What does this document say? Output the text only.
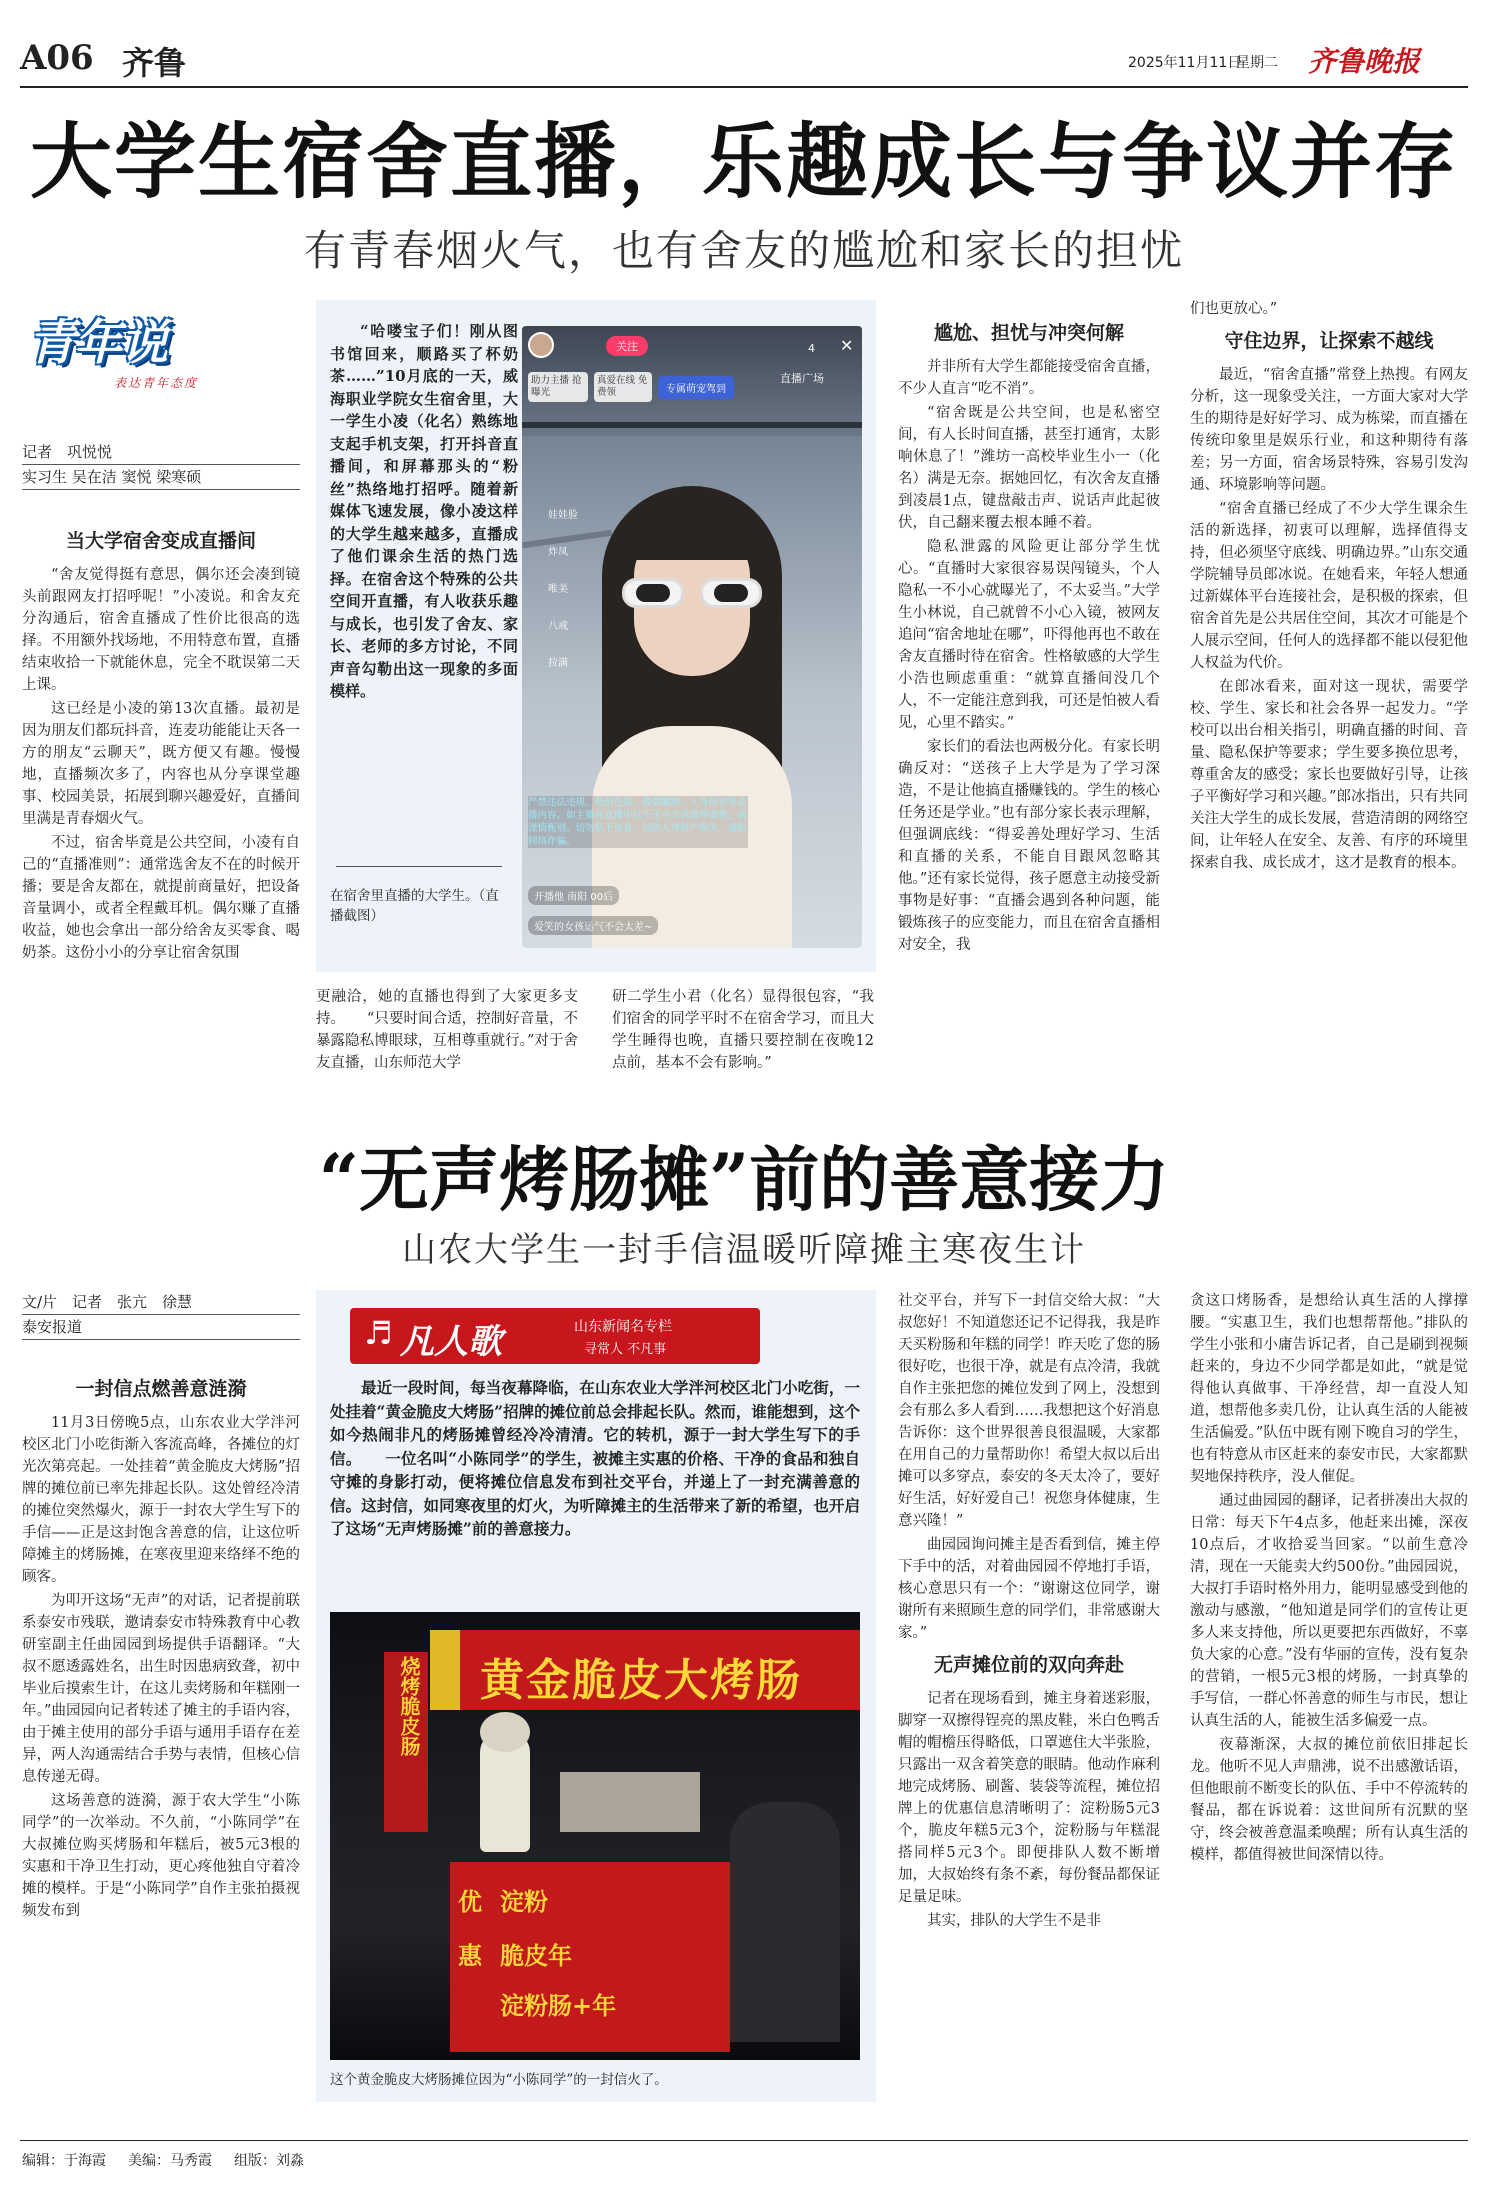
A06 齐鲁	2025年11月11日
星期二 齐鲁晚报
大学生宿舍直播，乐趣成长与争议并存
有青春烟火气，也有舍友的尴尬和家长的担忧
青年说
表达青年态度
记者　巩悦悦
实习生 吴在洁 窦悦 梁寒硕
当大学宿舍变成直播间

“舍友觉得挺有意思，偶尔还会凑到镜头前跟网友打招呼呢！”小凌说。和舍友充分沟通后，宿舍直播成了性价比很高的选择。不用额外找场地，不用特意布置，直播结束收拾一下就能休息，完全不耽误第二天上课。

这已经是小凌的第13次直播。最初是因为朋友们都玩抖音，连麦功能能让天各一方的朋友“云聊天”，既方便又有趣。慢慢地，直播频次多了，内容也从分享课堂趣事、校园美景，拓展到聊兴趣爱好，直播间里满是青春烟火气。

不过，宿舍毕竟是公共空间，小凌有自己的“直播准则”：通常选舍友不在的时候开播；要是舍友都在，就提前商量好，把设备音量调小，或者全程戴耳机。偶尔赚了直播收益，她也会拿出一部分给舍友买零食、喝奶茶。这份小小的分享让宿舍氛围

“哈喽宝子们！刚从图书馆回来，顺路买了杯奶茶……”10月底的一天，威海职业学院女生宿舍里，大一学生小凌（化名）熟练地支起手机支架，打开抖音直播间，和屏幕那头的“粉丝”热络地打招呼。随着新媒体飞速发展，像小凌这样的大学生越来越多，直播成了他们课余生活的热门选择。在宿舍这个特殊的公共空间开直播，有人收获乐趣与成长，也引发了舍友、家长、老师的多方讨论，不同声音勾勒出这一现象的多面模样。

在宿舍里直播的大学生。（直播截图）
关注	4 ✕
直播广场
助力主播 抢曝光
真爱在线 免费领	专属萌宠驾到
娃娃脸
炸凤
唯美
八戒
拉满
严禁违法违规、低俗色情、吸烟酗酒、人身伤害等直播内容。如主播在直播中以不正当方式诱导消费，请谨慎甄别。切勿私下交易，以防人身财产损失，谨防网络诈骗。
开播他 南阳 00后
爱笑的女孩运气不会太差~

更融洽，她的直播也得到了大家更多支持。　　“只要时间合适，控制好音量，不暴露隐私博眼球，互相尊重就行。”对于舍友直播，山东师范大学

研二学生小君（化名）显得很包容，“我们宿舍的同学平时不在宿舍学习，而且大学生睡得也晚，直播只要控制在夜晚12点前，基本不会有影响。”

尴尬、担忧与冲突何解

并非所有大学生都能接受宿舍直播，不少人直言“吃不消”。

“宿舍既是公共空间，也是私密空间，有人长时间直播，甚至打通宵，太影响休息了！”潍坊一高校毕业生小一（化名）满是无奈。据她回忆，有次舍友直播到凌晨1点，键盘敲击声、说话声此起彼伏，自己翻来覆去根本睡不着。

隐私泄露的风险更让部分学生忧心。“直播时大家很容易误闯镜头，个人隐私一不小心就曝光了，不太妥当。”大学生小林说，自己就曾不小心入镜，被网友追问“宿舍地址在哪”，吓得他再也不敢在舍友直播时待在宿舍。性格敏感的大学生小浩也顾虑重重：“就算直播间没几个人，不一定能注意到我，可还是怕被人看见，心里不踏实。”

家长们的看法也两极分化。有家长明确反对：“送孩子上大学是为了学习深造，不是让他搞直播赚钱的。学生的核心任务还是学业。”也有部分家长表示理解，但强调底线：“得妥善处理好学习、生活和直播的关系，不能自目跟风忽略其他。”还有家长觉得，孩子愿意主动接受新事物是好事：“直播会遇到各种问题，能锻炼孩子的应变能力，而且在宿舍直播相对安全，我

们也更放心。”

守住边界，让探索不越线

最近，“宿舍直播”常登上热搜。有网友分析，这一现象受关注，一方面大家对大学生的期待是好好学习、成为栋梁，而直播在传统印象里是娱乐行业，和这种期待有落差；另一方面，宿舍场景特殊，容易引发沟通、环境影响等问题。

“宿舍直播已经成了不少大学生课余生活的新选择，初衷可以理解，选择值得支持，但必须坚守底线、明确边界。”山东交通学院辅导员郎冰说。在她看来，年轻人想通过新媒体平台连接社会，是积极的探索，但宿舍首先是公共居住空间，其次才可能是个人展示空间，任何人的选择都不能以侵犯他人权益为代价。

在郎冰看来，面对这一现状，需要学校、学生、家长和社会各界一起发力。“学校可以出台相关指引，明确直播的时间、音量、隐私保护等要求；学生要多换位思考，尊重舍友的感受；家长也要做好引导，让孩子平衡好学习和兴趣。”郎冰指出，只有共同关注大学生的成长发展，营造清朗的网络空间，让年轻人在安全、友善、有序的环境里探索自我、成长成才，这才是教育的根本。

“无声烤肠摊”前的善意接力
山农大学生一封手信温暖听障摊主寒夜生计
文/片　记者　张亢　徐慧
泰安报道
一封信点燃善意涟漪

11月3日傍晚5点，山东农业大学泮河校区北门小吃街渐入客流高峰，各摊位的灯光次第亮起。一处挂着“黄金脆皮大烤肠”招牌的摊位前已率先排起长队。这处曾经冷清的摊位突然爆火，源于一封农大学生写下的手信——正是这封饱含善意的信，让这位听障摊主的烤肠摊，在寒夜里迎来络绎不绝的顾客。

为叩开这场“无声”的对话，记者提前联系泰安市残联，邀请泰安市特殊教育中心教研室副主任曲园园到场提供手语翻译。“大叔不愿透露姓名，出生时因患病致聋，初中毕业后摸索生计，在这儿卖烤肠和年糕刚一年。”曲园园向记者转述了摊主的手语内容，由于摊主使用的部分手语与通用手语存在差异，两人沟通需结合手势与表情，但核心信息传递无碍。

这场善意的涟漪，源于农大学生“小陈同学”的一次举动。不久前，“小陈同学”在大叔摊位购买烤肠和年糕后，被5元3根的实惠和干净卫生打动，更心疼他独自守着冷摊的模样。于是“小陈同学”自作主张拍摄视频发布到

♬ 凡人歌	山东新闻名专栏
寻常人 不凡事

最近一段时间，每当夜幕降临，在山东农业大学泮河校区北门小吃街，一处挂着“黄金脆皮大烤肠”招牌的摊位前总会排起长队。然而，谁能想到，这个如今热闹非凡的烤肠摊曾经冷冷清清。它的转机，源于一封大学生写下的手信。　　一位名叫“小陈同学”的学生，被摊主实惠的价格、干净的食品和独自守摊的身影打动，便将摊位信息发布到社交平台，并递上了一封充满善意的信。这封信，如同寒夜里的灯火，为听障摊主的生活带来了新的希望，也开启了这场“无声烤肠摊”前的善意接力。

黄金脆皮大烤肠
烧烤脆皮肠
优 淀粉
惠 脆皮年
淀粉肠+年
这个黄金脆皮大烤肠摊位因为“小陈同学”的一封信火了。

社交平台，并写下一封信交给大叔：“大叔您好！不知道您还记不记得我，我是昨天买粉肠和年糕的同学！昨天吃了您的肠很好吃，也很干净，就是有点冷清，我就自作主张把您的摊位发到了网上，没想到会有那么多人看到……我想把这个好消息告诉你：这个世界很善良很温暖，大家都在用自己的力量帮助你！希望大叔以后出摊可以多穿点，泰安的冬天太冷了，要好好生活，好好爱自己！祝您身体健康，生意兴隆！”

曲园园询问摊主是否看到信，摊主停下手中的活，对着曲园园不停地打手语，核心意思只有一个：“谢谢这位同学，谢谢所有来照顾生意的同学们，非常感谢大家。”

无声摊位前的双向奔赴

记者在现场看到，摊主身着迷彩服，脚穿一双擦得锃亮的黑皮鞋，米白色鸭舌帽的帽檐压得略低，口罩遮住大半张脸，只露出一双含着笑意的眼睛。他动作麻利地完成烤肠、刷酱、装袋等流程，摊位招牌上的优惠信息清晰明了：淀粉肠5元3个，脆皮年糕5元3个，淀粉肠与年糕混搭同样5元3个。即便排队人数不断增加，大叔始终有条不紊，每份餐品都保证足量足味。

其实，排队的大学生不是非

贪这口烤肠香，是想给认真生活的人撑撑腰。“实惠卫生，我们也想帮帮他。”排队的学生小张和小庸告诉记者，自己是刷到视频赶来的，身边不少同学都是如此，“就是觉得他认真做事、干净经营，却一直没人知道，想帮他多卖几份，让认真生活的人能被生活偏爱。”队伍中既有刚下晚自习的学生，也有特意从市区赶来的泰安市民，大家都默契地保持秩序，没人催促。

通过曲园园的翻译，记者拼凑出大叔的日常：每天下午4点多，他赶来出摊，深夜10点后，才收拾妥当回家。“以前生意冷清，现在一天能卖大约500份。”曲园园说，大叔打手语时格外用力，能明显感受到他的激动与感激，“他知道是同学们的宣传让更多人来支持他，所以更要把东西做好，不辜负大家的心意。”没有华丽的宣传，没有复杂的营销，一根5元3根的烤肠，一封真挚的手写信，一群心怀善意的师生与市民，想让认真生活的人，能被生活多偏爱一点。

夜幕渐深，大叔的摊位前依旧排起长龙。他听不见人声鼎沸，说不出感激话语，但他眼前不断变长的队伍、手中不停流转的餐品，都在诉说着：这世间所有沉默的坚守，终会被善意温柔唤醒；所有认真生活的模样，都值得被世间深情以待。

编辑：于海霞 美编：马秀霞 组版：刘淼
